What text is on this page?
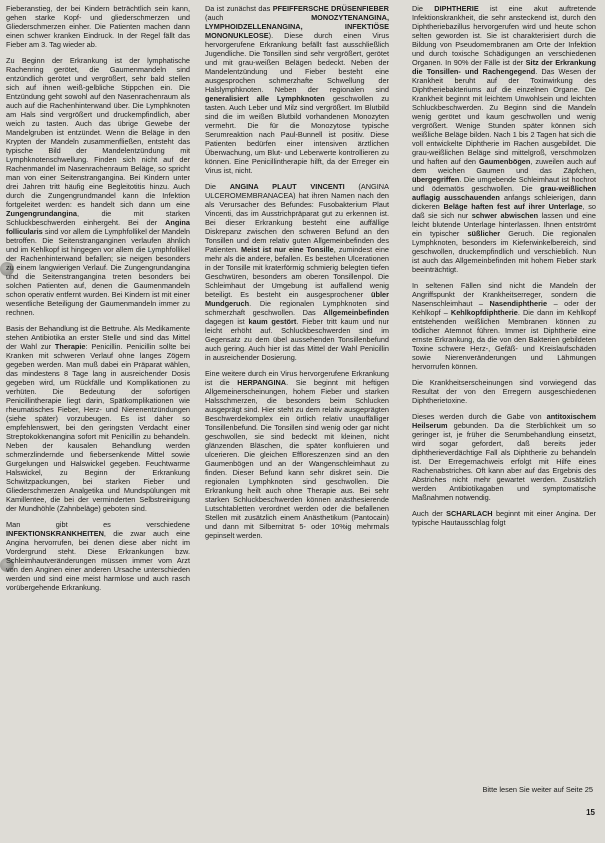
Fieberanstieg, der bei Kindern beträchtlich sein kann, gehen starke Kopf- und gliederschmerzen und Gliederschmerzen einher. Die Patienten machen dann einen schwer kranken Eindruck. In der Regel fällt das Fieber am 3. Tag wieder ab.

Zu Beginn der Erkrankung ist der lymphatische Rachenring gerötet, die Gaumenmandeln sind entzündlich gerötet und vergrößert, sehr bald stellen sich auf ihnen weiß-gelbliche Stippchen ein. Die Entzündung geht sowohl auf den Nasenrachenraum als auch auf die Rachenhinterwand über. Die Lymphknoten am Hals sind vergrößert und druckempfindlich, aber weich zu tasten. Auch das übrige Gewebe der Mandelgruben ist entzündet. Wenn die Beläge in den Krypten der Mandeln zusammenfließen, entsteht das typische Bild der Mandelentzündung mit Lymphknotenschwellung. Finden sich nicht auf der Rachenmandel im Nasenrachenraum Beläge, so spricht man von einer Seitenstrangangina. Bei Kindern unter drei Jahren tritt häufig eine Begleitotitis hinzu. Auch durch die Zungengrundmandel kann die Infektion fortgeleitet werden: es handelt sich dann um eine Zungengrundangina, die mit starken Schluckbeschwerden einhergeht. Bei der Angina follicularis sind vor allem die Lymphfollikel der Mandeln betroffen. Die Seitenstranganginen verlaufen ähnlich und im Kehlkopf ist hingegen vor allem die Lymphfollikel der Rachenhinterwand befallen; sie neigen besonders zu einem langwierigen Verlauf. Die Zungengrundangina und die Seitenstrangangina treten besonders bei solchen Patienten auf, denen die Gaumenmandeln schon operativ entfernt wurden. Bei Kindern ist mit einer wesentliche Beteiligung der Gaumenmandeln immer zu rechnen.

Basis der Behandlung ist die Bettruhe. Als Medikamente stehen Antibiotika an erster Stelle und sind das Mittel der Wahl zur Therapie: Penicillin. Penicillin sollte bei Kranken mit schweren Verlauf ohne langes Zögern gegeben werden. Man muß dabei ein Präparat wählen, das mindestens 8 Tage lang in ausreichender Dosis gegeben wird, um Rückfälle und Komplikationen zu verhüten. Die Bedeutung der sofortigen Penicillintherapie liegt darin, Spätkomplikationen wie rheumatisches Fieber, Herz- und Nierenentzündungen (siehe später) vorzubeugen. Es ist daher so empfehlenswert, bei den geringsten Verdacht einer Streptokokkenangina sofort mit Penicillin zu behandeln. Neben der kausalen Behandlung werden schmerzlindernde und fiebersenkende Mittel sowie Gurgelungen und Halswickel gegeben. Feuchtwarme Halswickel, zu Beginn der Erkrankung Schwitzpackungen, bei starken Fieber und Gliederschmerzen Analgetika und Mundspülungen mit Kamillentee, die bei der verminderten Selbstreinigung der Mundhöhle (Zahnbeläge) geboten sind.

Man gibt es verschiedene INFEKTIONSKRANKHEITEN, die zwar auch eine Angina hervorrufen, bei denen diese aber nicht im Vordergrund steht. Diese Erkrankungen bzw. Schleimhautveränderungen müssen immer vom Arzt von den Anginen einer anderen Ursache unterschieden werden und sind eine meist harmlose und auch rasch vorübergehende Erkrankung.

Da ist zunächst das PFEIFFERSCHE DRÜSENFIEBER (auch MONOZYTENANGINA, LYMPHOIDZELLENANGINA, INFEKTIÖSE MONONUKLEOSE). Diese durch einen Virus hervorgerufene Erkrankung befällt fast ausschließlich Jugendliche. Die Tonsillen sind sehr vergrößert, gerötet und mit grau-weißen Belägen bedeckt. Neben der Mandelentzündung und Fieber besteht eine ausgesprochen schmerzhafte Schwellung der Halslymphknoten. Neben der regionalen sind generalisiert alle Lymphknoten geschwollen zu tasten. Auch Leber und Milz sind vergrößert. Im Blutbild sind die im weißen Blutbild vorhandenen Monozyten vermehrt. Die für die Monozytose typische Serumreaktion nach Paul-Bunnell ist positiv. Diese Patienten bedürfen einer intensiven ärztlichen Überwachung, um Blut- und Leberwerte kontrollieren zu können. Eine Penicillintherapie hilft, da der Erreger ein Virus ist, nicht.

Die ANGINA PLAUT VINCENTI (ANGINA ULCEROMEMBRANACEA) hat ihren Namen nach den als Verursacher des Befundes: Fusobakterium Plaut Vincenti, das im Ausstrichpräparat gut zu erkennen ist. Bei dieser Erkrankung besteht eine auffällige Diskrepanz zwischen den schweren Befund an den Tonsillen und dem relativ guten Allgemeinbefinden des Patienten. Meist ist nur eine Tonsille, zumindest eine mehr als die andere, befallen. Es bestehen Ulcerationen in der Tonsille mit kraterförmig schmierig belegten tiefen Geschwüren, besonders am oberen Tonsillenpol. Die Schleimhaut der Umgebung ist auffallend wenig beteiligt. Es besteht ein ausgesprochener übler Mundgeruch. Die regionalen Lymphknoten sind schmerzhaft geschwollen. Das Allgemeinbefinden dagegen ist kaum gestört. Fieber tritt kaum und nur leicht erhöht auf. Schluckbeschwerden sind im Gegensatz zu dem übel aussehenden Tonsillenbefund auch gering. Auch hier ist das Mittel der Wahl Penicillin in ausreichender Dosierung.

Eine weitere durch ein Virus hervorgerufene Erkrankung ist die HERPANGINA. Sie beginnt mit heftigen Allgemeinerscheinungen, hohem Fieber und starken Halsschmerzen, die besonders beim Schlucken ausgeprägt sind. Hier steht zu dem relativ ausgeprägten Beschwerdekomplex ein örtlich relativ unauffälliger Tonsillenbefund. Die Tonsillen sind wenig oder gar nicht geschwollen, sie sind bedeckt mit kleinen, nicht glänzenden Bläschen, die später konfluieren und ulcerieren. Die gleichen Effloreszenzen sind an den Gaumenbögen und an der Wangenschleimhaut zu finden. Dieser Befund kann sehr diskret sein. Die regionalen Lymphknoten sind geschwollen. Die Erkrankung heilt auch ohne Therapie aus. Bei sehr starken Schluckbeschwerden können anästhesierende Lutschtabletten verordnet werden oder die befallenen Stellen mit zusätzlich einem Anästhetikum (Pantocain) und dann mit Silbernitrat 5- oder 10%ig mehrmals gepinselt werden.

Die DIPHTHERIE ist eine akut auftretende Infektionskrankheit, die sehr ansteckend ist, durch den Diphtheriebazillus hervorgerufen wird und heute schon selten geworden ist. Sie ist charakterisiert durch die Bildung von Pseudomembranen am Orte der Infektion und durch toxische Schädigungen an verschiedenen Organen. In 90% der Fälle ist der Sitz der Erkrankung die Tonsillen- und Rachengegend. Das Wesen der Krankheit beruht auf der Toxinwirkung des Diphtheriebakteriums auf die einzelnen Organe. Die Krankheit beginnt mit leichtem Unwohlsein und leichten Schluckbeschwerden. Zu Beginn sind die Mandeln wenig gerötet und kaum geschwollen und wenig vergrößert. Wenige Stunden später können sich weißliche Beläge bilden. Nach 1 bis 2 Tagen hat sich die voll entwickelte Diphtherie im Rachen ausgebildet. Die grau-weißlichen Beläge sind mittelgroß, verschmolzen und haften auf den Gaumenbögen, zuweilen auch auf dem weichen Gaumen und das Zäpfchen, übergegriffen. Die umgebende Schleimhaut ist hochrot und ödematös geschwollen. Die grau-weißlichen auflagig ausschauenden anfangs schleierigen, dann dickeren Beläge haften fest auf ihrer Unterlage, so daß sie sich nur schwer abwischen lassen und eine leicht blutende Unterlage hinterlassen. Ihnen entströmt ein typischer süßlicher Geruch. Die regionalen Lymphknoten, besonders im Kieferwinkelbereich, sind geschwollen, druckempfindlich und verschieblich. Nun ist auch das Allgemeinbefinden mit hohem Fieber stark beeinträchtigt.

In seltenen Fällen sind nicht die Mandeln der Angriffspunkt der Krankheitserreger, sondern die Nasenschleimhaut – Nasendiphtherie – oder der Kehlkopf – Kehlkopfdiphtherie. Die dann im Kehlkopf entstehenden weißlichen Membranen können zu tödlicher Atemnot führen. Immer ist Diphtherie eine ernste Erkrankung, da die von den Bakterien gebildeten Toxine schwere Herz-, Gefäß- und Kreislaufschäden sowie Nierenveränderungen und Lähmungen hervorrufen können.

Die Krankheitserscheinungen sind vorwiegend das Resultat der von den Erregern ausgeschiedenen Diphtherietoxine.

Dieses werden durch die Gabe von antitoxischem Heilserum gebunden. Da die Sterblichkeit um so geringer ist, je früher die Serumbehandlung einsetzt, wird sogar gefordert, daß bereits jeder diphtherieverdächtige Fall als Diphtherie zu behandeln ist. Der Erregernachweis erfolgt mit Hilfe eines Rachenabstriches. Oft kann aber auf das Ergebnis des Abstriches nicht mehr gewartet werden. Zusätzlich werden Antibiotikagaben und symptomatische Maßnahmen notwendig.

Auch der SCHARLACH beginnt mit einer Angina. Der typische Hautausschlag folgt

Bitte lesen Sie weiter auf Seite 25
15
